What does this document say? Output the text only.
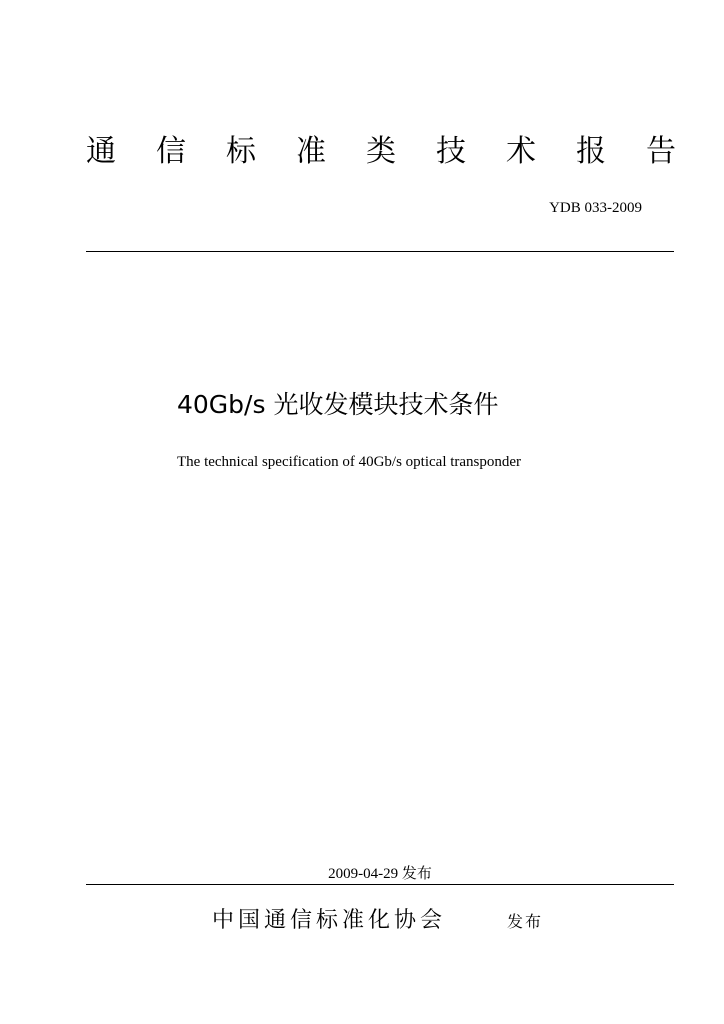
通 信 标 准 类 技 术 报 告
YDB 033-2009
40Gb/s 光收发模块技术条件
The technical specification of 40Gb/s optical transponder
2009-04-29 发布
中国通信标准化协会	发布
